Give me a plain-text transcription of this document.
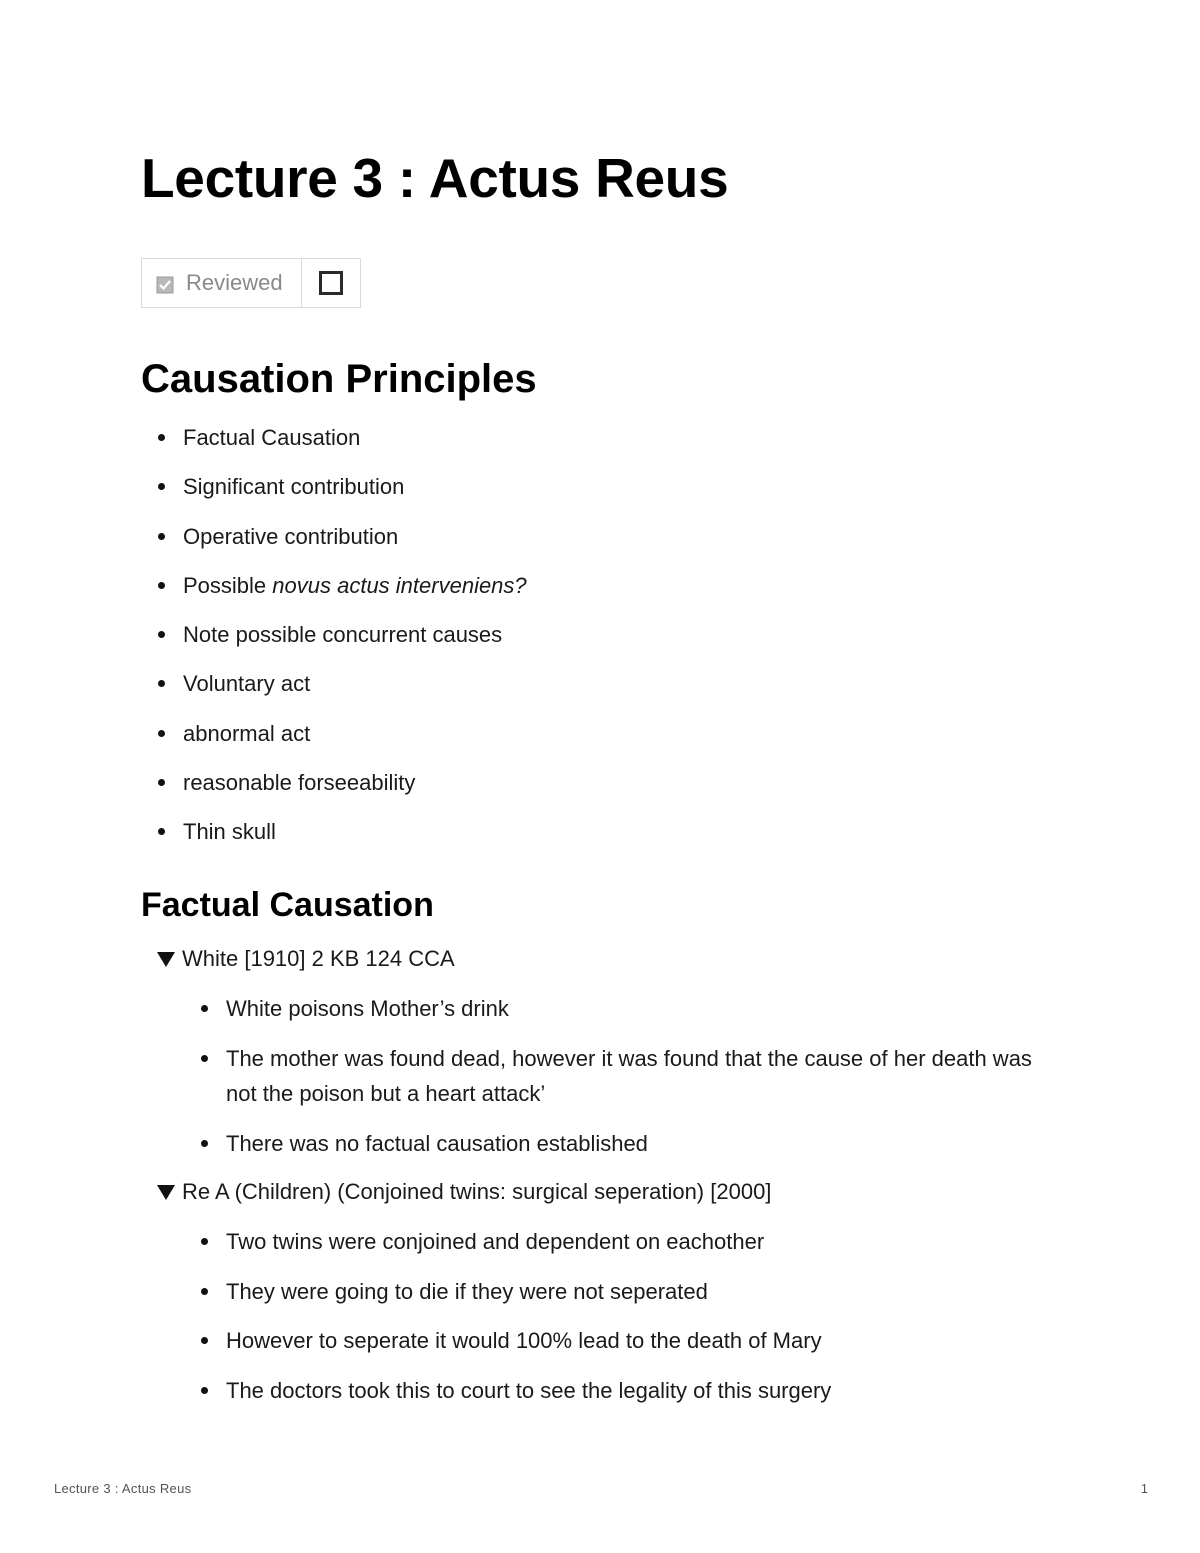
Lecture 3 : Actus Reus
Reviewed
Causation Principles
Factual Causation
Significant contribution
Operative contribution
Possible novus actus interveniens?
Note possible concurrent causes
Voluntary act
abnormal act
reasonable forseeability
Thin skull
Factual Causation
White [1910] 2 KB 124 CCA
White poisons Mother’s drink
The mother was found dead, however it was found that the cause of her death was not the poison but a heart attack’
There was no factual causation established
Re A (Children) (Conjoined twins: surgical seperation) [2000]
Two twins were conjoined and dependent on eachother
They were going to die if they were not seperated
However to seperate it would 100% lead to the death of Mary
The doctors took this to court to see the legality of this surgery
Lecture 3 : Actus Reus	1
